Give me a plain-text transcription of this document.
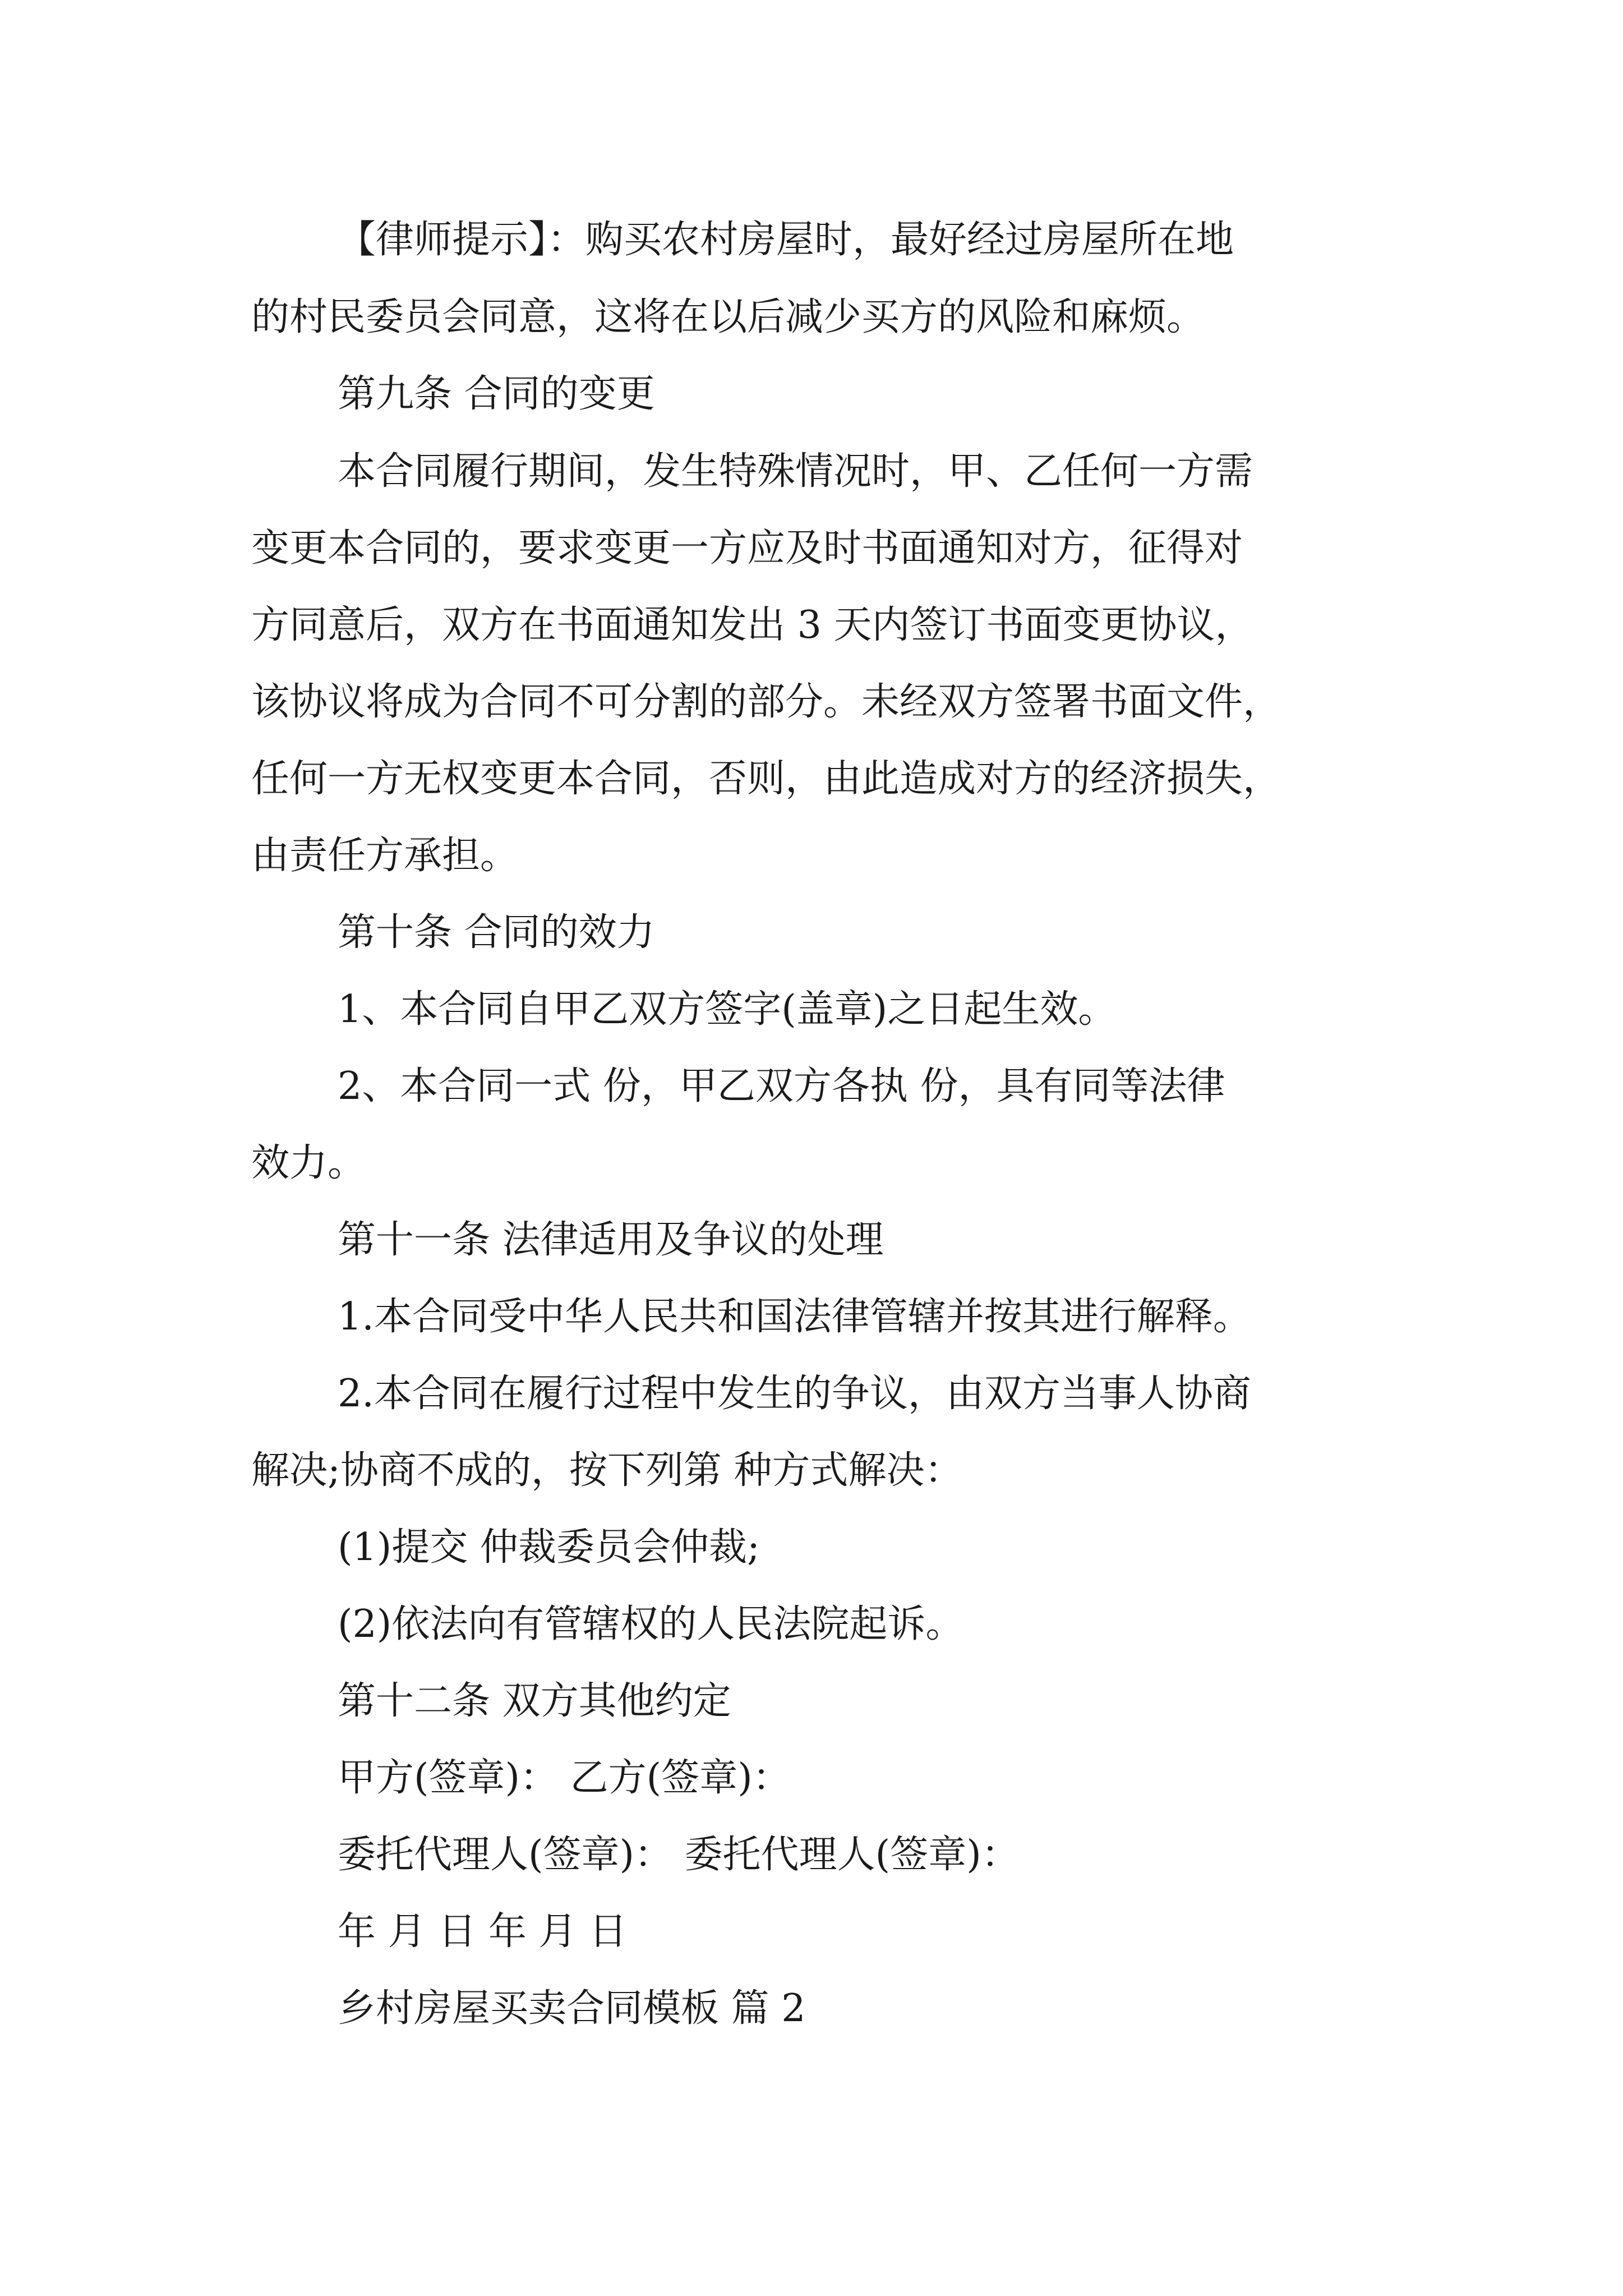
【律师提示】：购买农村房屋时，最好经过房屋所在地
的村民委员会同意，这将在以后减少买方的风险和麻烦。
第九条 合同的变更
本合同履行期间，发生特殊情况时，甲、乙任何一方需
变更本合同的，要求变更一方应及时书面通知对方，征得对
方同意后，双方在书面通知发出 3 天内签订书面变更协议，
该协议将成为合同不可分割的部分。未经双方签署书面文件，
任何一方无权变更本合同，否则，由此造成对方的经济损失，
由责任方承担。
第十条 合同的效力
1、本合同自甲乙双方签字(盖章)之日起生效。
2、本合同一式 份，甲乙双方各执 份，具有同等法律
效力。
第十一条 法律适用及争议的处理
1.本合同受中华人民共和国法律管辖并按其进行解释。
2.本合同在履行过程中发生的争议，由双方当事人协商
解决;协商不成的，按下列第 种方式解决：
(1)提交 仲裁委员会仲裁;
(2)依法向有管辖权的人民法院起诉。
第十二条 双方其他约定
甲方(签章)： 乙方(签章)：
委托代理人(签章)： 委托代理人(签章)：
年 月 日 年 月 日
乡村房屋买卖合同模板 篇 2
